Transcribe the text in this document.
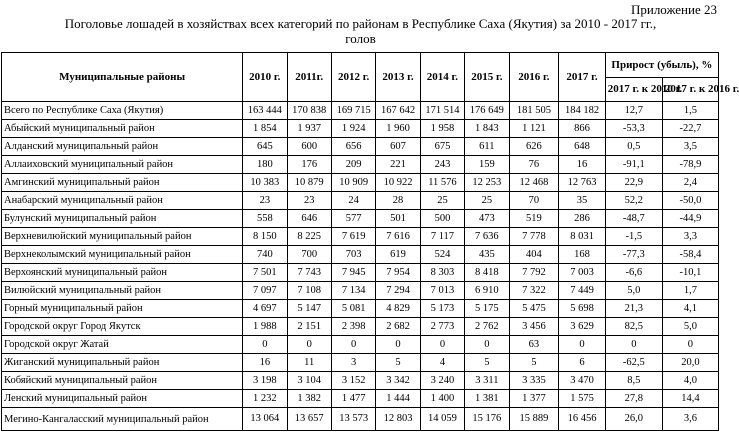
Приложение 23
Поголовье лошадей в хозяйствах всех категорий по районам в Республике Саха (Якутия) за 2010 - 2017 гг.,
голов
Муниципальные районы	2010 г.	2011г.	2012 г.	2013 г.	2014 г.	2015 г.	2016 г.	2017 г.	Прирост (убыль), %	
									2017 г. к 2010 г.	2017 г. к 2016 г.
Всего по Республике Саха (Якутия)	163 444	170 838	169 715	167 642	171 514	176 649	181 505	184 182	12,7	1,5
Абыйский муниципальный район	1 854	1 937	1 924	1 960	1 958	1 843	1 121	866	-53,3	-22,7
Алданский муниципальный район	645	600	656	607	675	611	626	648	0,5	3,5
Аллаиховский муниципальный район	180	176	209	221	243	159	76	16	-91,1	-78,9
Амгинский муниципальный район	10 383	10 879	10 909	10 922	11 576	12 253	12 468	12 763	22,9	2,4
Анабарский муниципальный район	23	23	24	28	25	25	70	35	52,2	-50,0
Булунский муниципальный район	558	646	577	501	500	473	519	286	-48,7	-44,9
Верхневилюйский муниципальный район	8 150	8 225	7 619	7 616	7 117	7 636	7 778	8 031	-1,5	3,3
Верхнеколымский муниципальный район	740	700	703	619	524	435	404	168	-77,3	-58,4
Верхоянский муниципальный район	7 501	7 743	7 945	7 954	8 303	8 418	7 792	7 003	-6,6	-10,1
Вилюйский муниципальный район	7 097	7 108	7 134	7 294	7 013	6 910	7 322	7 449	5,0	1,7
Горный муниципальный район	4 697	5 147	5 081	4 829	5 173	5 175	5 475	5 698	21,3	4,1
Городской округ Город Якутск	1 988	2 151	2 398	2 682	2 773	2 762	3 456	3 629	82,5	5,0
Городской округ Жатай	0	0	0	0	0	0	63	0	0	0
Жиганский муниципальный район	16	11	3	5	4	5	5	6	-62,5	20,0
Кобяйский муниципальный район	3 198	3 104	3 152	3 342	3 240	3 311	3 335	3 470	8,5	4,0
Ленский муниципальный район	1 232	1 382	1 477	1 444	1 400	1 381	1 377	1 575	27,8	14,4
Мегино-Кангаласский муниципальный район	13 064	13 657	13 573	12 803	14 059	15 176	15 889	16 456	26,0	3,6
